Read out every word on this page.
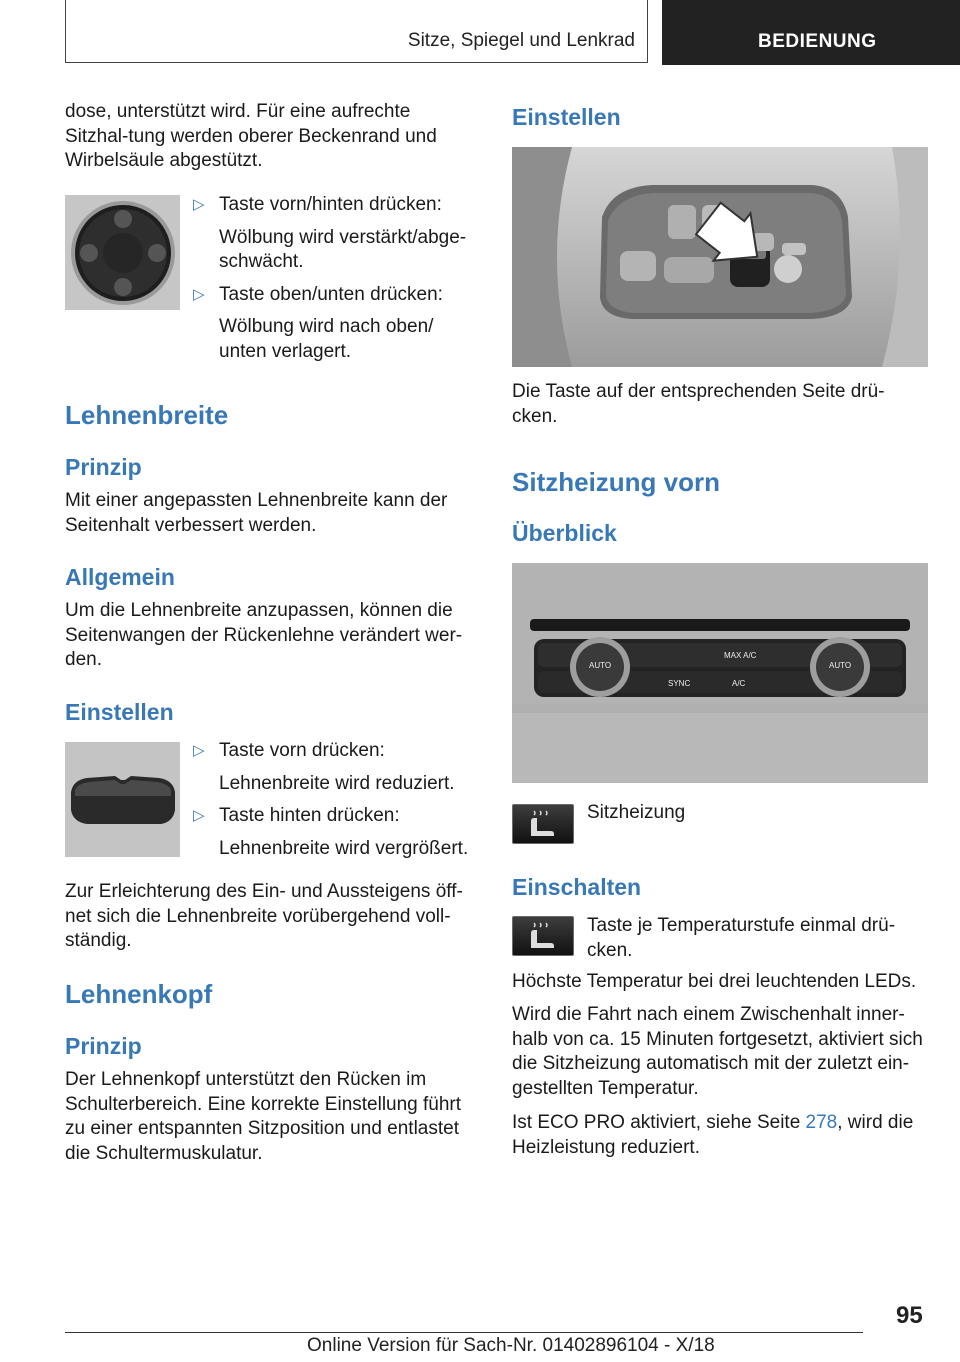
Sitze, Spiegel und Lenkrad	BEDIENUNG

dose, unterstützt wird. Für eine aufrechte Sitzhal-tung werden oberer Beckenrand und Wirbelsäule abgestützt.

▷ Taste vorn/hinten drücken:
Wölbung wird verstärkt/abge-schwächt.
▷ Taste oben/unten drücken:
Wölbung wird nach oben/ unten verlagert.
Lehnenbreite
Prinzip

Mit einer angepassten Lehnenbreite kann der Seitenhalt verbessert werden.

Allgemein

Um die Lehnenbreite anzupassen, können die Seitenwangen der Rückenlehne verändert wer-den.

Einstellen
▷ Taste vorn drücken:
Lehnenbreite wird reduziert.
▷ Taste hinten drücken:
Lehnenbreite wird vergrößert.

Zur Erleichterung des Ein- und Aussteigens öff-net sich die Lehnenbreite vorübergehend voll-ständig.

Lehnenkopf
Prinzip

Der Lehnenkopf unterstützt den Rücken im Schulterbereich. Eine korrekte Einstellung führt zu einer entspannten Sitzposition und entlastet die Schultermuskulatur.

Einstellen

Die Taste auf der entsprechenden Seite drü-cken.

Sitzheizung vorn
Überblick
AUTO	AUTO
MAX A/C
SYNC	A/C

Sitzheizung

Einschalten

Taste je Temperaturstufe einmal drü-cken.

Höchste Temperatur bei drei leuchtenden LEDs.

Wird die Fahrt nach einem Zwischenhalt inner-halb von ca. 15 Minuten fortgesetzt, aktiviert sich die Sitzheizung automatisch mit der zuletzt ein-gestellten Temperatur.

Ist ECO PRO aktiviert, siehe Seite 278, wird die Heizleistung reduziert.

95
Online Version für Sach-Nr. 01402896104 - X/18
